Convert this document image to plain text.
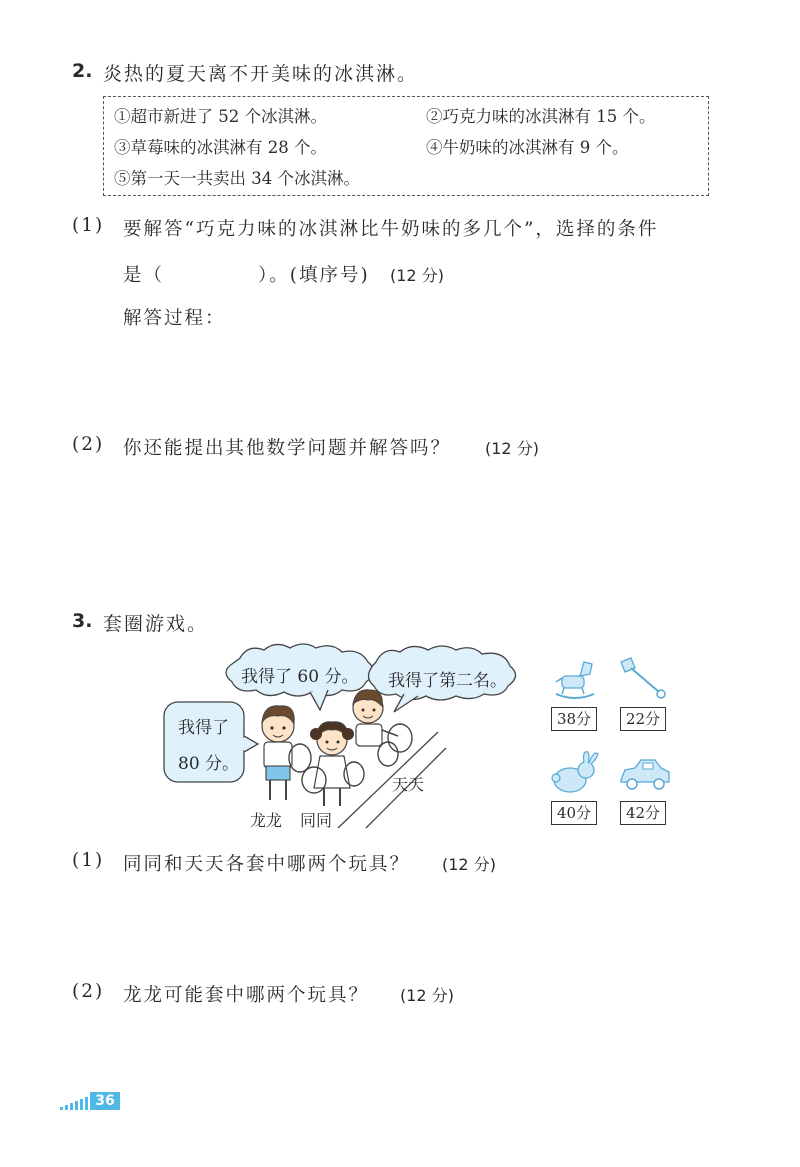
2. 炎热的夏天离不开美味的冰淇淋。
①超市新进了 52 个冰淇淋。	②巧克力味的冰淇淋有 15 个。
③草莓味的冰淇淋有 28 个。	④牛奶味的冰淇淋有 9 个。
⑤第一天一共卖出 34 个冰淇淋。
(1) 要解答“巧克力味的冰淇淋比牛奶味的多几个”，选择的条件
是（	）。(填序号) (12 分)
解答过程：
(2) 你还能提出其他数学问题并解答吗？ (12 分)
3. 套圈游戏。
我得了 60 分。 我得了第二名。
我得了
80 分。
龙龙 同同
天天
38分	22分
40分	42分
(1) 同同和天天各套中哪两个玩具？ (12 分)
(2) 龙龙可能套中哪两个玩具？ (12 分)
36
